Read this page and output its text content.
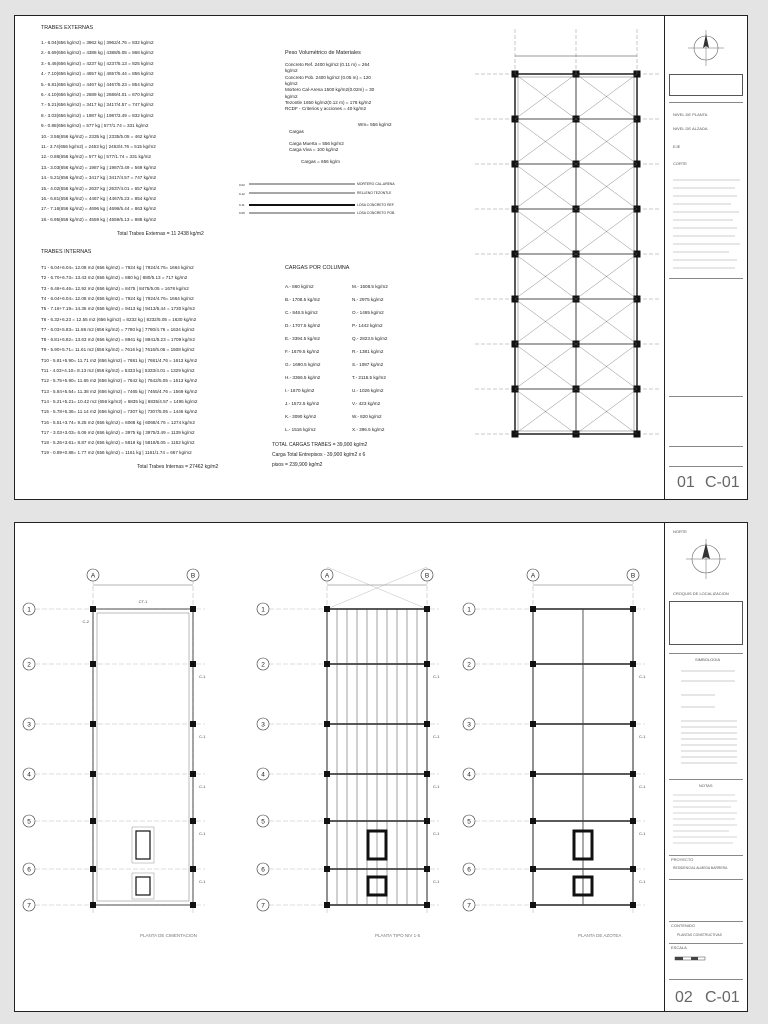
TRABES EXTERNAS
1.- 6.04(656 kg/m2) = 3962 kg | 3962/4.76 = 832 kg/m2
2.- 6.69(656 kg/m2) = 4388 kg | 4388/5.05 = 868 kg/m2
3.- 6.46(656 kg/m2) = 4237 kg | 4237/5.13 = 825 kg/m2
4.- 7.10(656 kg/m2) = 4657 kg | 4657/5.44 = 856 kg/m2
5.- 6.81(656 kg/m2) = 4467 kg | 4467/5.23 = 854 kg/m2
6.- 4.10(656 kg/m2) = 2689 kg | 2689/4.01 = 670 kg/m2
7.- 5.21(656 kg/m2) = 3417 kg | 3417/4.57 = 747 kg/m2
8.- 3.03(656 kg/m2) = 1987 kg | 1987/3.49 = 832 kg/m2
9.- 0.88(656 kg/m2) = 577 kg | 577/1.74 = 331 kg/m2
10.- 3.56(656 kg/m2) = 2335 kg | 2335/5.05 = 462 kg/m2
11.- 3.74(656 kg/m2) = 2453 kg | 2453/4.76 = 515 kg/m2
12.- 0.88(656 kg/m2) = 577 kg | 577/1.74 = 331 kg/m2
13.- 3.03(656 kg/m2) = 1987 kg | 1987/3.49 = 569 kg/m2
14.- 5.21(656 kg/m2) = 3417 kg | 3417/4.57 = 747 kg/m2
15.- 4.02(656 kg/m2) = 2637 kg | 2637/4.01 = 657 kg/m2
16.- 6.81(656 kg/m2) = 4467 kg | 4467/5.23 = 854 kg/m2
17.- 7.16(656 kg/m2) = 4696 kg | 4696/5.44 = 863 kg/m2
18.- 6.95(656 kg/m2) = 4559 kg | 4559/5.13 = 888 kg/m2
Total Trabes Externas = 11 2438 kg/m2
TRABES INTERNAS
T1 - 6.04+6.04= 12.08 m2 (656 kg/m2) = 7924 kg | 7924/4.76= 1664 kg/m2
T2 - 6.70+6.73= 13.43 m2 (656 kg/m2) = 880 kg | 880/5.13 = 717 kg/m2
T3 - 6.46+6.46= 12.92 m2 (656 kg/m2) = 8475 | 8475/5.05 = 1678 kg/m2
T4 - 6.04+6.04= 12.08 m2 (656 kg/m2) = 7924 kg | 7924/4.76= 1664 kg/m2
T5 - 7.16+7.19= 14.35 m2 (656 kg/m2) = 9413 kg | 9413/5.44 = 1730 kg/m2
T6 - 6.32+6.23 = 12.55 m2 (656 kg/m2) = 8232 kg | 8232/5.05 = 1630 kg/m2
T7 - 6.03+5.83= 11.86 m2 (656 kg/m2) = 7780 kg | 7780/4.76 = 1634 kg/m2
T8 - 6.81+6.82= 13.63 m2 (656 kg/m2) = 8941 kg | 8941/5.23 = 1709 kg/m2
T9 - 5.90+5.71= 11.61 m2 (656 kg/m2) = 7616 kg | 7616/5.05 = 1508 kg/m2
T10 - 5.81+5.90= 11.71 m2 (656 kg/m2) = 7681 kg | 7681/4.76 = 1613 kg/m2
T11 - 4.03+4.10= 8.13 m2 (656 kg/m2) = 5333 kg | 5333/4.01 = 1329 kg/m2
T12 - 5.75+5.90= 11.65 m2 (656 kg/m2) = 7642 kg | 7642/5.05 = 1513 kg/m2
T13 - 5.84+5.54= 11.38 m2 (656 kg/m2) = 7465 kg | 7465/4.76 = 1569 kg/m2
T14 - 5.21+5.21= 10.42 m2 (656 kg/m2) = 6835 kg | 6835/4.57 = 1495 kg/m2
T15 - 5.78+5.36= 11.14 m2 (656 kg/m2) = 7307 kg | 7307/5.05 = 1446 kg/m2
T16 - 5.51+3.74= 9.25 m2 (656 kg/m2) = 6068 kg | 6068/4.76 = 1274 kg/m2
T17 - 3.03+3.03= 6.06 m2 (656 kg/m2) = 3975 kg | 3975/3.49 = 1139 kg/m2
T18 - 5.26+3.61= 8.87 m2 (656 kg/m2) = 5818 kg | 5818/5.05 = 1152 kg/m2
T19 - 0.89+0.88= 1.77 m2 (656 kg/m2) = 1161 kg | 1161/1.74 = 667 kg/m2
Total Trabes Internas = 27462 kg/m2
Peso Volumétrico de Materiales
Concreto Ref. 2400 kg/m2 (0.11 m) = 264
kg/m2
Concreto Pob. 2400 kg/m2 (0.05 m) = 120
kg/m2
Mortero Cal-Arena 1500 kg/m2(0.02m) = 30
kg/m2
Tezontle 1650 kg/m2(0.12 m) = 178 kg/m2
RCDF - Criterios y acciones = 40 kg/m2
Wm= 556 kg/m2
Cargas
Carga Muerta = 556 kg/m2
Carga Viva = 100 kg/m2
Cargas = 656 kg/m
0.02
0.12
0.11
0.05
MORTERO CAL-ARENA
RELLENO TEZONTLE
LOSA CONCRETO REF.
LOSA CONCRETO POB.
CARGAS POR COLUMNA
A.- 860 kg/m2
B.- 1708.5 kg/m2
C.- 846.5 kg/m2
D.- 1707.5 kg/m2
E.- 3394.5 kg/m2
F.- 1679.5 kg/m2
G.- 1690.5 kg/m2
H.- 3366.5 kg/m2
I.- 1670 kg/m2
J.- 1572.5 kg/m2
K.- 3090 kg/m2
L.- 1516 kg/m2
M.- 1508.5 kg/m2
N.- 2975 kg/m2
O.- 1465 kg/m2
P.- 1442 kg/m2
Q.- 2823.5 kg/m2
R.- 1381 kg/m2
S.- 1087 kg/m2
T.- 2115.5 kg/m2
U.- 1026 kg/m2
V.- 423 kg/m2
W.- 820 kg/m2
X.- 396.5 kg/m2
TOTAL CARGAS TRABES = 39,900 kg/m2
Carga Total Entrepisos - 39,900 kg/m2 x 6
pisos = 239,900 kg/m2
NIVEL DE PLANTA
NIVEL DE ALZADA
EJE
CORTE
01 C-01
A	B
1
2
3
4
5
6
7
C-1
C-1
C-1
C-1
C-1
C-2
CT-1
A	B
1
2
3
4
5
6
7
C-1
C-1
C-1
C-1
C-1
A	B
1
2
3
4
5
6
7
C-1
C-1
C-1
C-1
C-1
PLANTA DE CIMENTACION	PLANTA TIPO NIV 1-5	PLANTA DE AZOTEA
NORTE
CROQUIS DE LOCALIZACION
SIMBOLOGIA
NOTAS
PROYECTO
RESIDENCIAL ALMEDA BARRERA
CONTENIDO
PLANTAS CONSTRUCTIVAS
ESCALA
02 C-01
